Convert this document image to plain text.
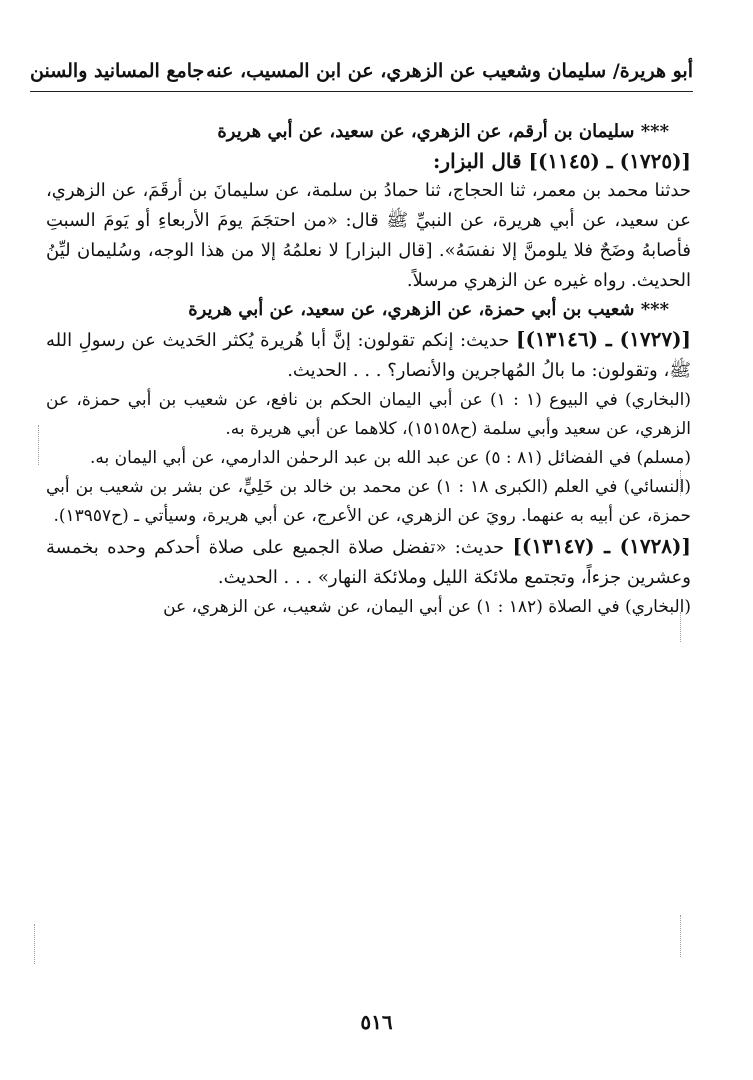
أبو هريرة/ سليمان وشعيب عن الزهري، عن ابن المسيب، عنه
جامع المسانيد والسنن

*** سليمان بن أرقم، عن الزهري، عن سعيد، عن أبي هريرة

[(١٧٢٥) ـ (١١٤٥)] قال البزار:

حدثنا محمد بن معمر، ثنا الحجاج، ثنا حمادُ بن سلمة، عن سليمانَ بن أرقَمَ، عن الزهري، عن سعيد، عن أبي هريرة، عن النبيِّ ﷺ قال: «من احتجَمَ يومَ الأربعاءِ أو يَومَ السبتِ فأصابهُ وضَحٌ فلا يلومنَّ إلا نفسَهُ». [قال البزار] لا نعلمُهُ إلا من هذا الوجه، وسُليمان ليِّنُ الحديث. رواه غيره عن الزهري مرسلاً.

*** شعيب بن أبي حمزة، عن الزهري، عن سعيد، عن أبي هريرة

[(١٧٢٧) ـ (١٣١٤٦)] حديث: إنكم تقولون: إنَّ أبا هُريرة يُكثر الحَديث عن رسولِ الله ﷺ، وتقولون: ما بالُ المُهاجرين والأنصار؟ . . . الحديث.

(البخاري) في البيوع (١ : ١) عن أبي اليمان الحكم بن نافع، عن شعيب بن أبي حمزة، عن الزهري، عن سعيد وأبي سلمة (ح١٥١٥٨)، كلاهما عن أبي هريرة به.

(مسلم) في الفضائل (٨١ : ٥) عن عبد الله بن عبد الرحمٰن الدارمي، عن أبي اليمان به.

(النسائي) في العلم (الكبرى ١٨ : ١) عن محمد بن خالد بن خَلِيٍّ، عن بشر بن شعيب بن أبي حمزة، عن أبيه به عنهما. رويَ عن الزهري، عن الأعرج، عن أبي هريرة، وسيأتي ـ (ح١٣٩٥٧).

[(١٧٢٨) ـ (١٣١٤٧)] حديث: «تفضل صلاة الجميع على صلاة أحدكم وحده بخمسة وعشرين جزءاً، وتجتمع ملائكة الليل وملائكة النهار» . . . الحديث.

(البخاري) في الصلاة (١٨٢ : ١) عن أبي اليمان، عن شعيب، عن الزهري، عن

٥١٦
